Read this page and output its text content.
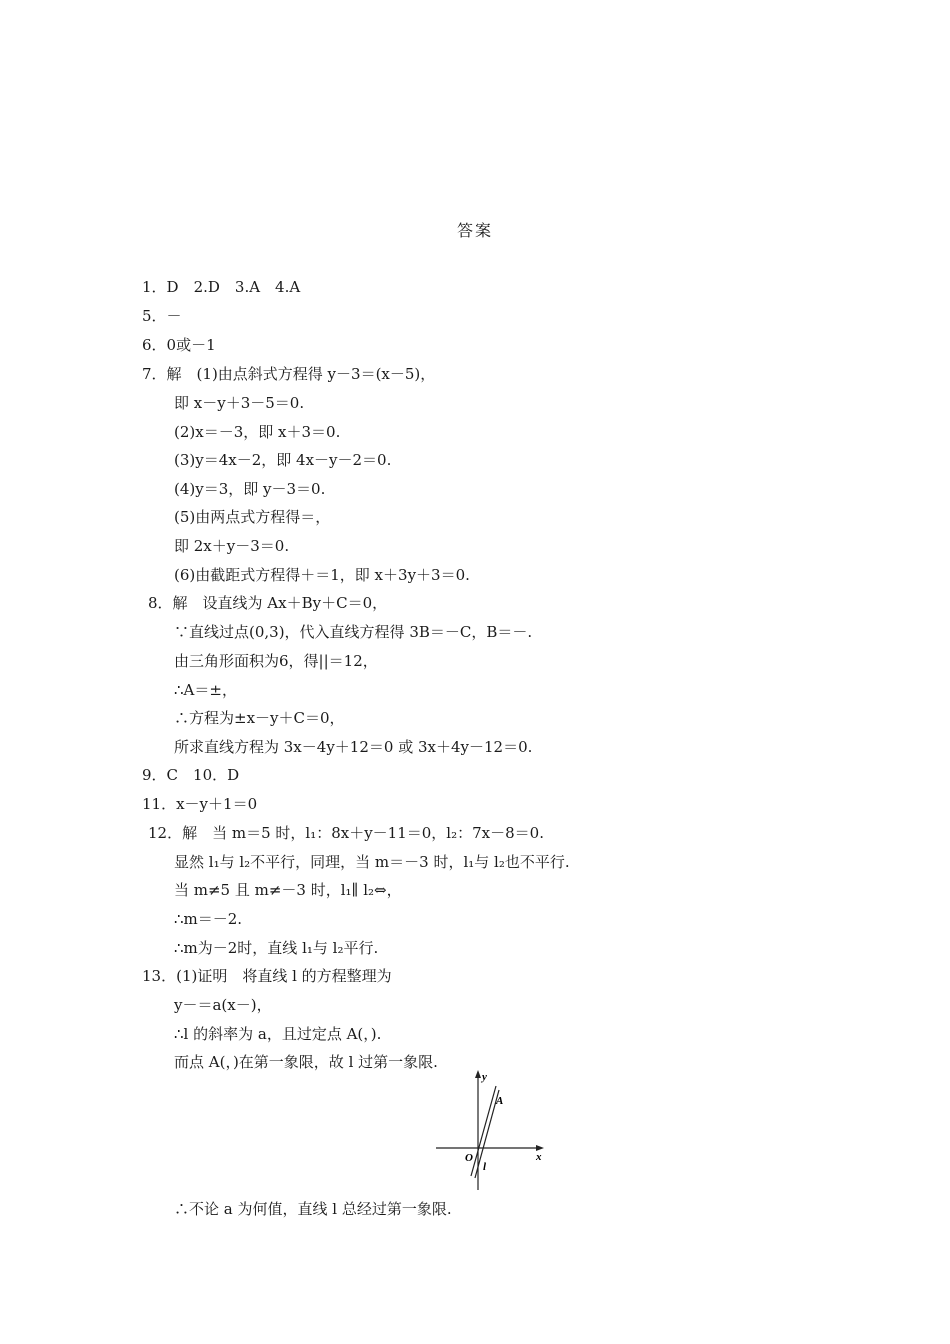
答案
1．D　2.D　3.A　4.A
5．－
6．0或－1
7．解　(1)由点斜式方程得 y－3＝(x－5)，
即 x－y＋3－5＝0.
(2)x＝－3，即 x＋3＝0.
(3)y＝4x－2，即 4x－y－2＝0.
(4)y＝3，即 y－3＝0.
(5)由两点式方程得＝，
即 2x＋y－3＝0.
(6)由截距式方程得＋＝1，即 x＋3y＋3＝0.
8．解　设直线为 Ax＋By＋C＝0，
∵直线过点(0,3)，代入直线方程得 3B＝－C，B＝－.
由三角形面积为6，得||＝12，
∴A＝±，
∴方程为±x－y＋C＝0，
所求直线方程为 3x－4y＋12＝0 或 3x＋4y－12＝0.
9．C　10．D
11．x－y＋1＝0
12．解　当 m＝5 时，l₁：8x＋y－11＝0，l₂：7x－8＝0.
显然 l₁与 l₂不平行，同理，当 m＝－3 时，l₁与 l₂也不平行.
当 m≠5 且 m≠－3 时，l₁∥ l₂⇔，
∴m＝－2.
∴m为－2时，直线 l₁与 l₂平行.
13．(1)证明　将直线 l 的方程整理为
y－＝a(x－)，
∴l 的斜率为 a，且过定点 A(，).
而点 A(，)在第一象限，故 l 过第一象限.
y
x
A
O
l
∴不论 a 为何值，直线 l 总经过第一象限.
